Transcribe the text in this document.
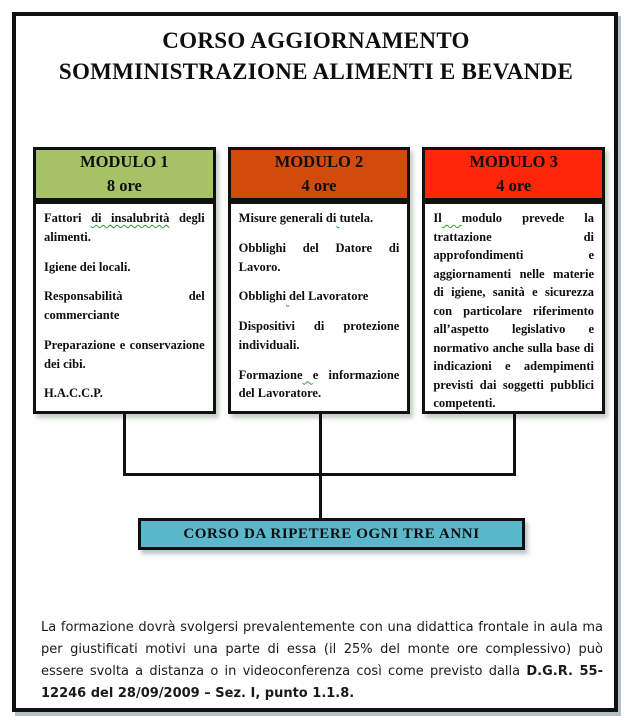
CORSO AGGIORNAMENTO
SOMMINISTRAZIONE ALIMENTI E BEVANDE
MODULO 1
8 ore

Fattori di insalubrità degli alimenti.

Igiene dei locali.

Responsabilità del commerciante

Preparazione e conservazione dei cibi.

H.A.C.C.P.

MODULO 2
4 ore

Misure generali di tutela.

Obblighi del Datore di Lavoro.

Obblighi del Lavoratore

Dispositivi di protezione individuali.

Formazione e informazione del Lavoratore.

MODULO 3
4 ore

Il modulo prevede la trattazione di approfondimenti e aggiornamenti nelle materie di igiene, sanità e sicurezza con particolare riferimento all’aspetto legislativo e normativo anche sulla base di indicazioni e adempimenti previsti dai soggetti pubblici competenti.

CORSO DA RIPETERE OGNI TRE ANNI

La formazione dovrà svolgersi prevalentemente con una didattica frontale in aula ma per giustificati motivi una parte di essa (il 25% del monte ore complessivo) può essere svolta a distanza o in videoconferenza così come previsto dalla D.G.R. 55-12246 del 28/09/2009 – Sez. I, punto 1.1.8.
